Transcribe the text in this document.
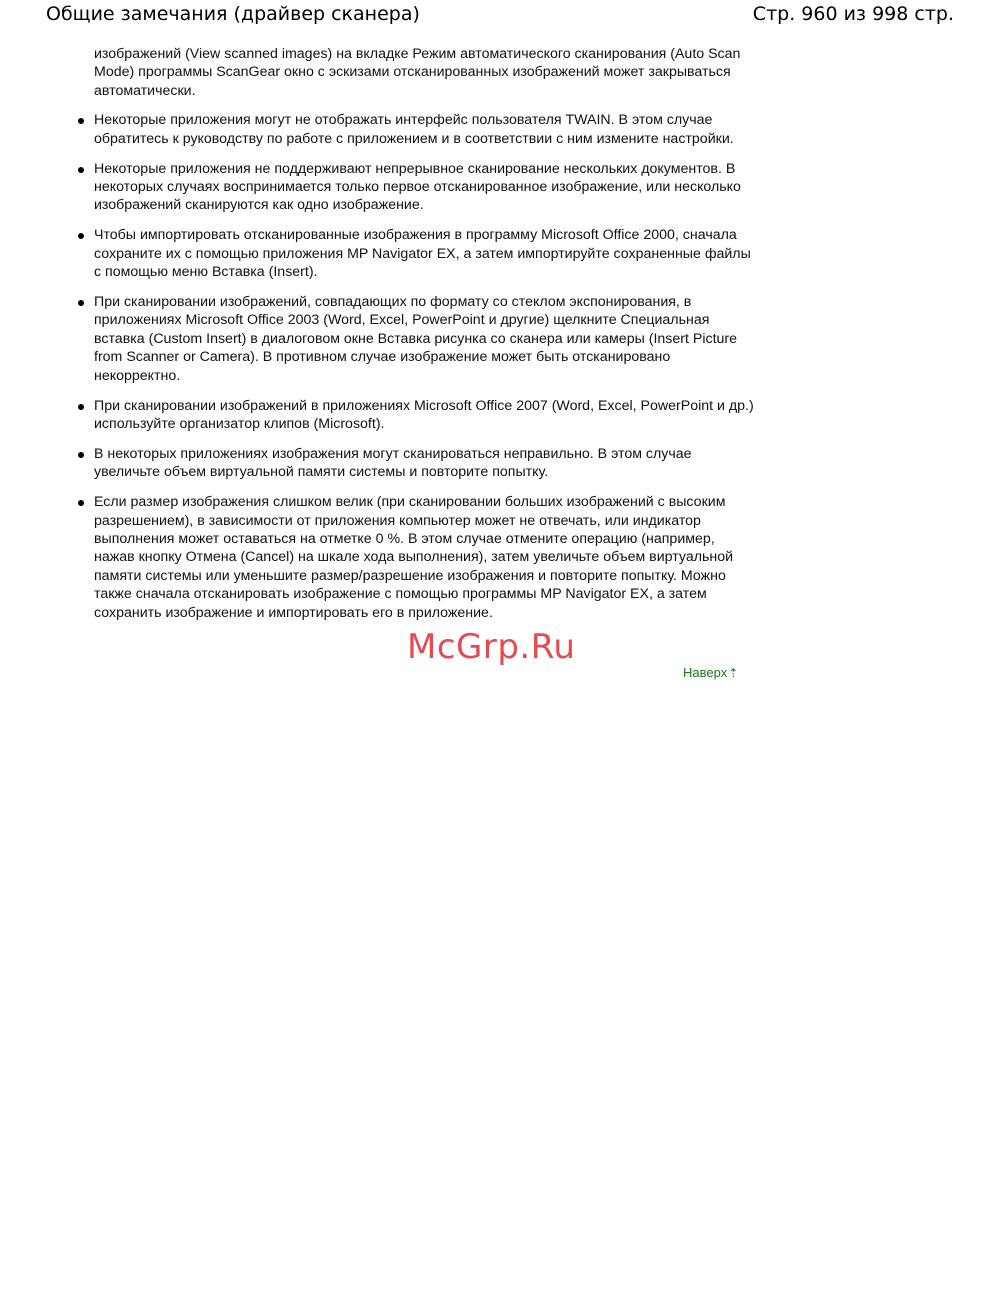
Общие замечания (драйвер сканера)	Стр. 960 из 998 стр.

изображений (View scanned images) на вкладке Режим автоматического сканирования (Auto Scan Mode) программы ScanGear окно с эскизами отсканированных изображений может закрываться автоматически.

Некоторые приложения могут не отображать интерфейс пользователя TWAIN. В этом случае обратитесь к руководству по работе с приложением и в соответствии с ним измените настройки.
Некоторые приложения не поддерживают непрерывное сканирование нескольких документов. В некоторых случаях воспринимается только первое отсканированное изображение, или несколько изображений сканируются как одно изображение.
Чтобы импортировать отсканированные изображения в программу Microsoft Office 2000, сначала сохраните их с помощью приложения MP Navigator EX, а затем импортируйте сохраненные файлы с помощью меню Вставка (Insert).
При сканировании изображений, совпадающих по формату со стеклом экспонирования, в приложениях Microsoft Office 2003 (Word, Excel, PowerPoint и другие) щелкните Специальная вставка (Custom Insert) в диалоговом окне Вставка рисунка со сканера или камеры (Insert Picture from Scanner or Camera). В противном случае изображение может быть отсканировано некорректно.
При сканировании изображений в приложениях Microsoft Office 2007 (Word, Excel, PowerPoint и др.) используйте организатор клипов (Microsoft).
В некоторых приложениях изображения могут сканироваться неправильно. В этом случае увеличьте объем виртуальной памяти системы и повторите попытку.
Если размер изображения слишком велик (при сканировании больших изображений с высоким разрешением), в зависимости от приложения компьютер может не отвечать, или индикатор выполнения может оставаться на отметке 0 %. В этом случае отмените операцию (например, нажав кнопку Отмена (Cancel) на шкале хода выполнения), затем увеличьте объем виртуальной памяти системы или уменьшите размер/разрешение изображения и повторите попытку. Можно также сначала отсканировать изображение с помощью программы MP Navigator EX, а затем сохранить изображение и импортировать его в приложение.
McGrp.Ru
Наверх⇡
